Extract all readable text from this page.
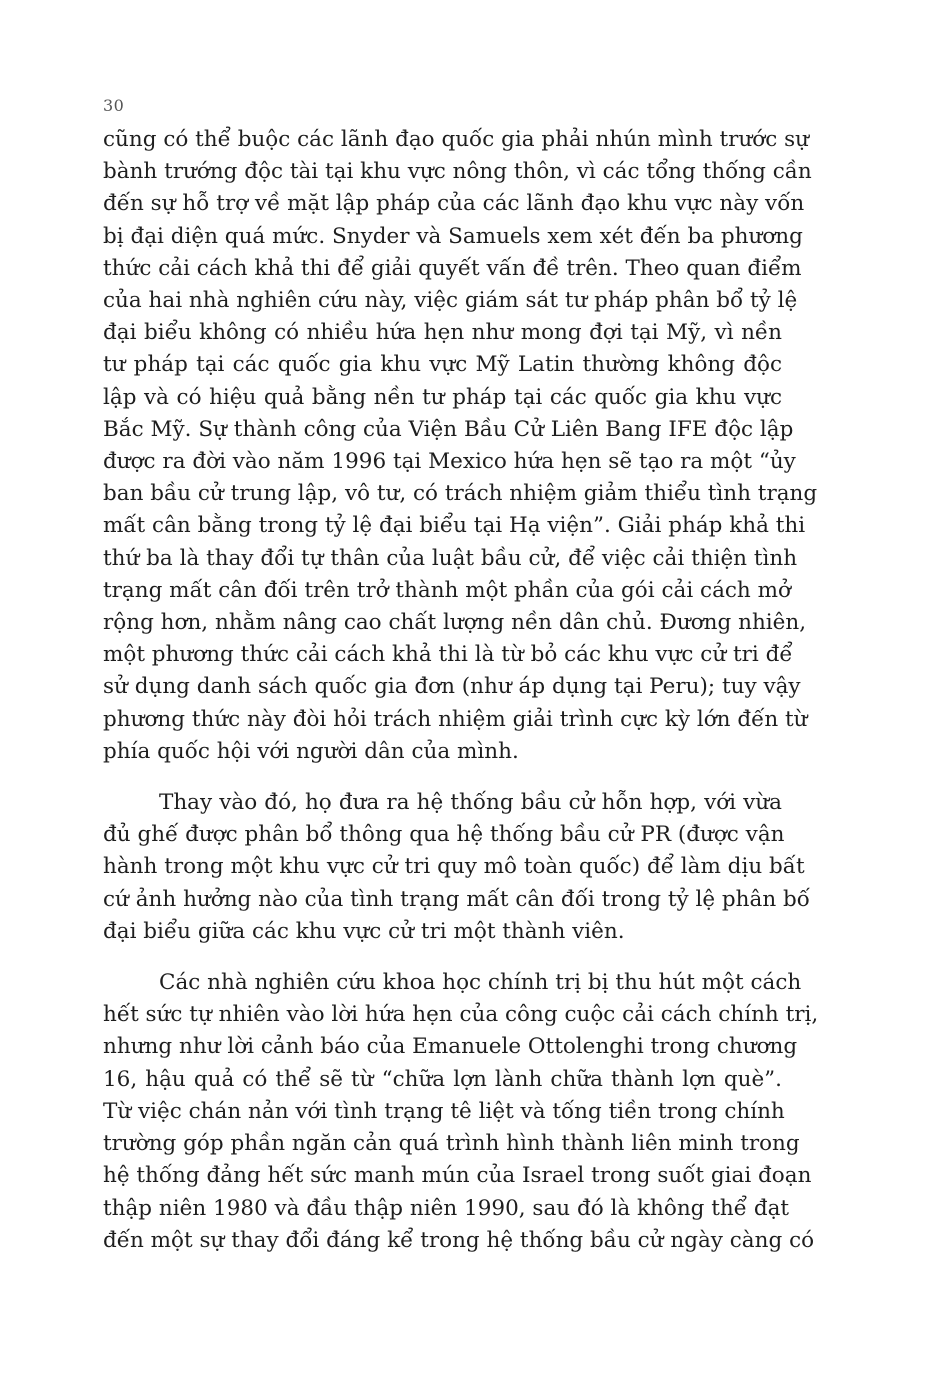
30

cũng có thể buộc các lãnh đạo quốc gia phải nhún mình trước sự
bành trướng độc tài tại khu vực nông thôn, vì các tổng thống cần
đến sự hỗ trợ về mặt lập pháp của các lãnh đạo khu vực này vốn
bị đại diện quá mức. Snyder và Samuels xem xét đến ba phương
thức cải cách khả thi để giải quyết vấn đề trên. Theo quan điểm
của hai nhà nghiên cứu này, việc giám sát tư pháp phân bổ tỷ lệ
đại biểu không có nhiều hứa hẹn như mong đợi tại Mỹ, vì nền
tư pháp tại các quốc gia khu vực Mỹ Latin thường không độc
lập và có hiệu quả bằng nền tư pháp tại các quốc gia khu vực
Bắc Mỹ. Sự thành công của Viện Bầu Cử Liên Bang IFE độc lập
được ra đời vào năm 1996 tại Mexico hứa hẹn sẽ tạo ra một “ủy
ban bầu cử trung lập, vô tư, có trách nhiệm giảm thiểu tình trạng
mất cân bằng trong tỷ lệ đại biểu tại Hạ viện”. Giải pháp khả thi
thứ ba là thay đổi tự thân của luật bầu cử, để việc cải thiện tình
trạng mất cân đối trên trở thành một phần của gói cải cách mở
rộng hơn, nhằm nâng cao chất lượng nền dân chủ. Đương nhiên,
một phương thức cải cách khả thi là từ bỏ các khu vực cử tri để
sử dụng danh sách quốc gia đơn (như áp dụng tại Peru); tuy vậy
phương thức này đòi hỏi trách nhiệm giải trình cực kỳ lớn đến từ
phía quốc hội với người dân của mình.

Thay vào đó, họ đưa ra hệ thống bầu cử hỗn hợp, với vừa
đủ ghế được phân bổ thông qua hệ thống bầu cử PR (được vận
hành trong một khu vực cử tri quy mô toàn quốc) để làm dịu bất
cứ ảnh hưởng nào của tình trạng mất cân đối trong tỷ lệ phân bố
đại biểu giữa các khu vực cử tri một thành viên.

Các nhà nghiên cứu khoa học chính trị bị thu hút một cách
hết sức tự nhiên vào lời hứa hẹn của công cuộc cải cách chính trị,
nhưng như lời cảnh báo của Emanuele Ottolenghi trong chương
16, hậu quả có thể sẽ từ “chữa lợn lành chữa thành lợn què”.
Từ việc chán nản với tình trạng tê liệt và tống tiền trong chính
trường góp phần ngăn cản quá trình hình thành liên minh trong
hệ thống đảng hết sức manh mún của Israel trong suốt giai đoạn
thập niên 1980 và đầu thập niên 1990, sau đó là không thể đạt
đến một sự thay đổi đáng kể trong hệ thống bầu cử ngày càng có
